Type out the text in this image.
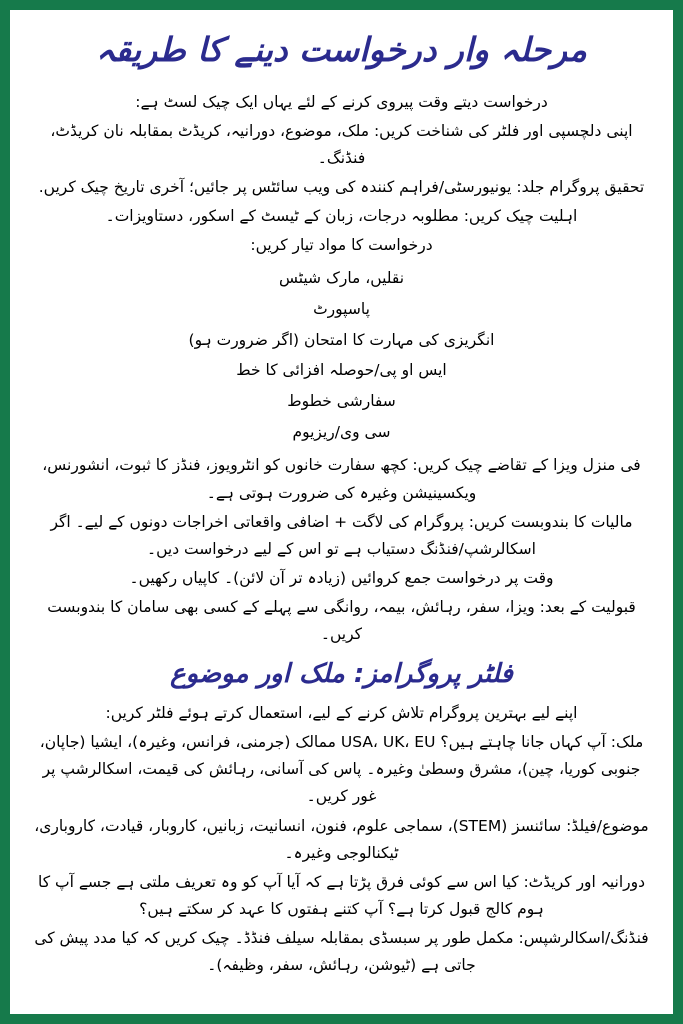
مرحلہ وار درخواست دینے کا طریقہ

درخواست دیتے وقت پیروی کرنے کے لئے یہاں ایک چیک لسٹ ہے:

اپنی دلچسپی اور فلٹر کی شناخت کریں: ملک، موضوع، دورانیہ، کریڈٹ بمقابلہ نان کریڈٹ، فنڈنگ۔

تحقیق پروگرام جلد: یونیورسٹی/فراہم کنندہ کی ویب سائٹس پر جائیں؛ آخری تاریخ چیک کریں.

اہلیت چیک کریں: مطلوبہ درجات، زبان کے ٹیسٹ کے اسکور، دستاویزات۔

درخواست کا مواد تیار کریں:

نقلیں، مارک شیٹس

پاسپورٹ

انگریزی کی مہارت کا امتحان (اگر ضرورت ہو)

ایس او پی/حوصلہ افزائی کا خط

سفارشی خطوط

سی وی/ریزیوم

فی منزل ویزا کے تقاضے چیک کریں: کچھ سفارت خانوں کو انٹرویوز، فنڈز کا ثبوت، انشورنس، ویکسینیشن وغیرہ کی ضرورت ہوتی ہے۔

مالیات کا بندوبست کریں: پروگرام کی لاگت + اضافی واقعاتی اخراجات دونوں کے لیے۔ اگر اسکالرشپ/فنڈنگ دستیاب ہے تو اس کے لیے درخواست دیں۔

وقت پر درخواست جمع کروائیں (زیادہ تر آن لائن)۔ کاپیاں رکھیں۔

قبولیت کے بعد: ویزا، سفر، رہائش، بیمہ، روانگی سے پہلے کے کسی بھی سامان کا بندوبست کریں۔

فلٹر پروگرامز: ملک اور موضوع

اپنے لیے بہترین پروگرام تلاش کرنے کے لیے، استعمال کرتے ہوئے فلٹر کریں:

ملک: آپ کہاں جانا چاہتے ہیں؟ USA، UK، EU ممالک (جرمنی، فرانس، وغیرہ)، ایشیا (جاپان، جنوبی کوریا، چین)، مشرق وسطیٰ وغیرہ۔ پاس کی آسانی، رہائش کی قیمت، اسکالرشپ پر غور کریں۔

موضوع/فیلڈ: سائنسز (STEM)، سماجی علوم، فنون، انسانیت، زبانیں، کاروبار، قیادت، کاروباری، ٹیکنالوجی وغیرہ۔

دورانیہ اور کریڈٹ: کیا اس سے کوئی فرق پڑتا ہے کہ آیا آپ کو وہ تعریف ملتی ہے جسے آپ کا ہوم کالج قبول کرتا ہے؟ آپ کتنے ہفتوں کا عہد کر سکتے ہیں؟

فنڈنگ/اسکالرشپس: مکمل طور پر سبسڈی بمقابلہ سیلف فنڈڈ۔ چیک کریں کہ کیا مدد پیش کی جاتی ہے (ٹیوشن، رہائش، سفر، وظیفہ)۔
